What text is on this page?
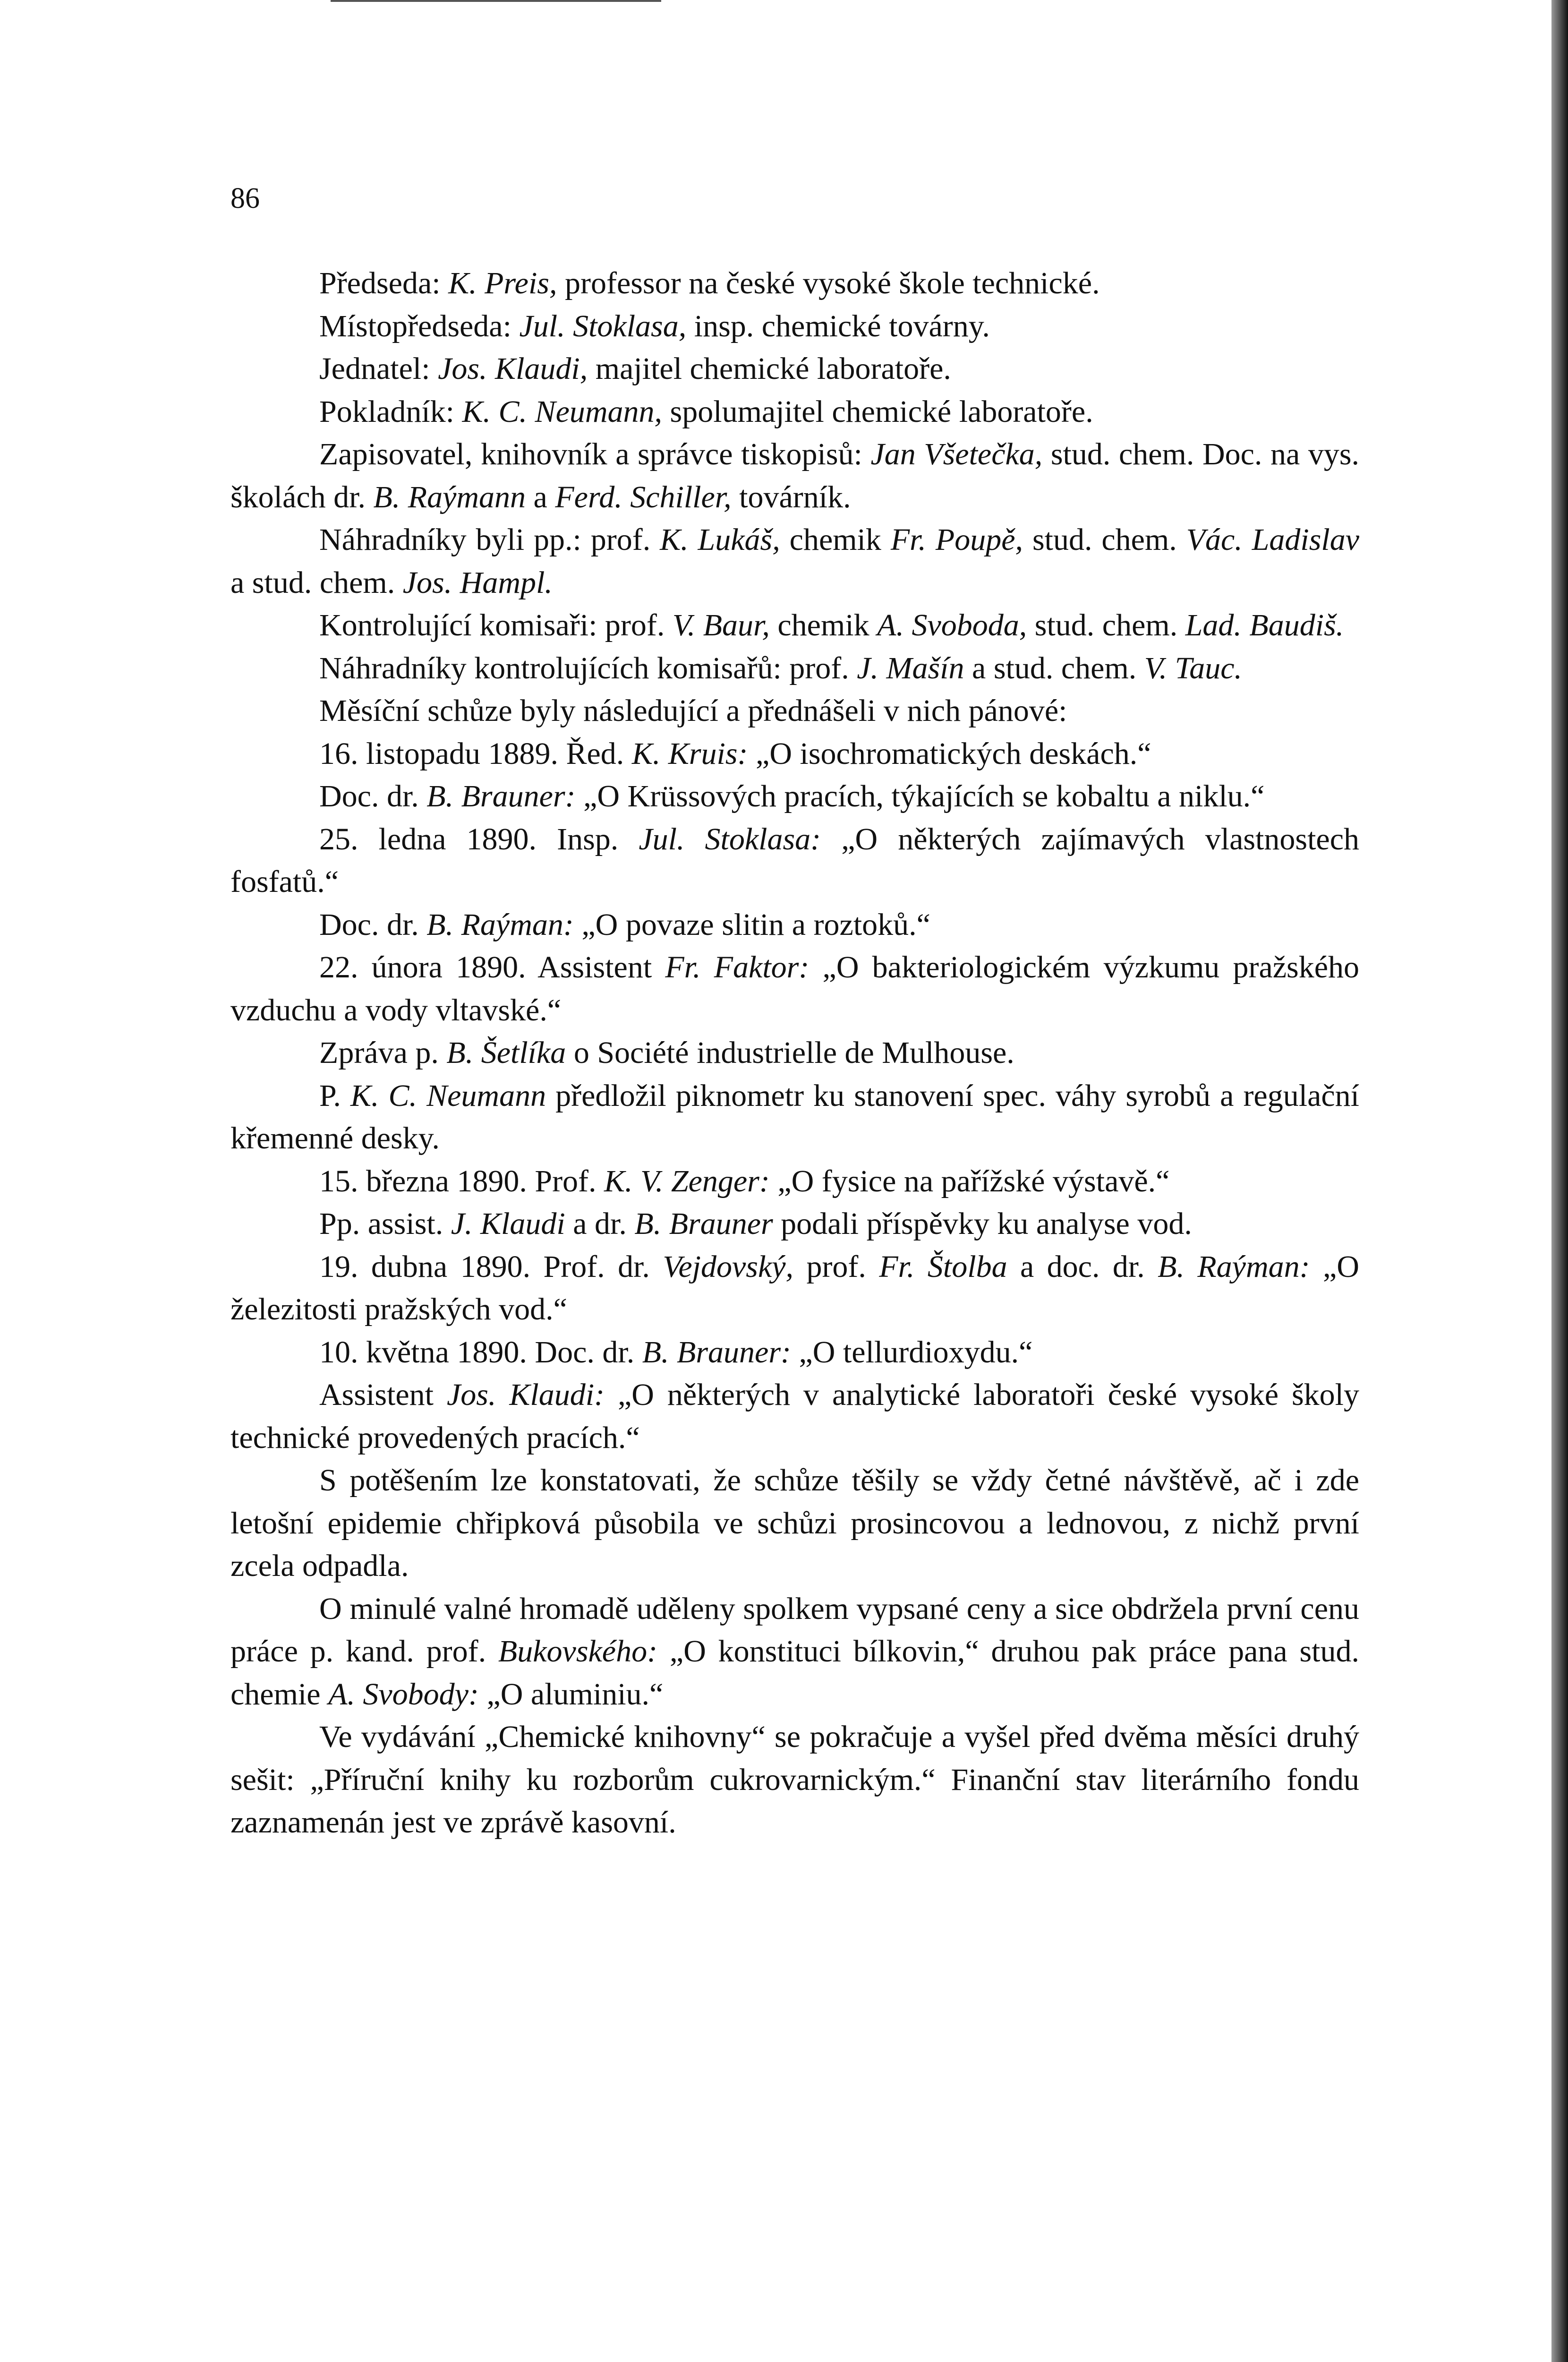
86

Předseda: K. Preis, professor na české vysoké škole technické.

Místopředseda: Jul. Stoklasa, insp. chemické továrny.

Jednatel: Jos. Klaudi, majitel chemické laboratoře.

Pokladník: K. C. Neumann, spolumajitel chemické laboratoře.

Zapisovatel, knihovník a správce tiskopisů: Jan Všetečka, stud. chem. Doc. na vys. školách dr. B. Raýmann a Ferd. Schiller, továrník.

Náhradníky byli pp.: prof. K. Lukáš, chemik Fr. Poupě, stud. chem. Vác. Ladislav a stud. chem. Jos. Hampl.

Kontrolující komisaři: prof. V. Baur, chemik A. Svoboda, stud. chem. Lad. Baudiš.

Náhradníky kontrolujících komisařů: prof. J. Mašín a stud. chem. V. Tauc.

Měsíční schůze byly následující a přednášeli v nich pánové:

16. listopadu 1889. Řed. K. Kruis: „O isochromatických deskách.“

Doc. dr. B. Brauner: „O Krüssových pracích, týkajících se kobaltu a niklu.“

25. ledna 1890. Insp. Jul. Stoklasa: „O některých zajímavých vlastnostech fosfatů.“

Doc. dr. B. Raýman: „O povaze slitin a roztoků.“

22. února 1890. Assistent Fr. Faktor: „O bakteriologickém výzkumu pražského vzduchu a vody vltavské.“

Zpráva p. B. Šetlíka o Société industrielle de Mulhouse.

P. K. C. Neumann předložil piknometr ku stanovení spec. váhy syrobů a regulační křemenné desky.

15. března 1890. Prof. K. V. Zenger: „O fysice na pařížské výstavě.“

Pp. assist. J. Klaudi a dr. B. Brauner podali příspěvky ku analyse vod.

19. dubna 1890. Prof. dr. Vejdovský, prof. Fr. Štolba a doc. dr. B. Raýman: „O železitosti pražských vod.“

10. května 1890. Doc. dr. B. Brauner: „O tellurdioxydu.“

Assistent Jos. Klaudi: „O některých v analytické laboratoři české vysoké školy technické provedených pracích.“

S potěšením lze konstatovati, že schůze těšily se vždy četné návštěvě, ač i zde letošní epidemie chřipková působila ve schůzi prosincovou a lednovou, z nichž první zcela odpadla.

O minulé valné hromadě uděleny spolkem vypsané ceny a sice obdržela první cenu práce p. kand. prof. Bukovského: „O konstituci bílkovin,“ druhou pak práce pana stud. chemie A. Svobody: „O aluminiu.“

Ve vydávání „Chemické knihovny“ se pokračuje a vyšel před dvěma měsíci druhý sešit: „Příruční knihy ku rozborům cukrovarnickým.“ Finanční stav literárního fondu zaznamenán jest ve zprávě kasovní.
